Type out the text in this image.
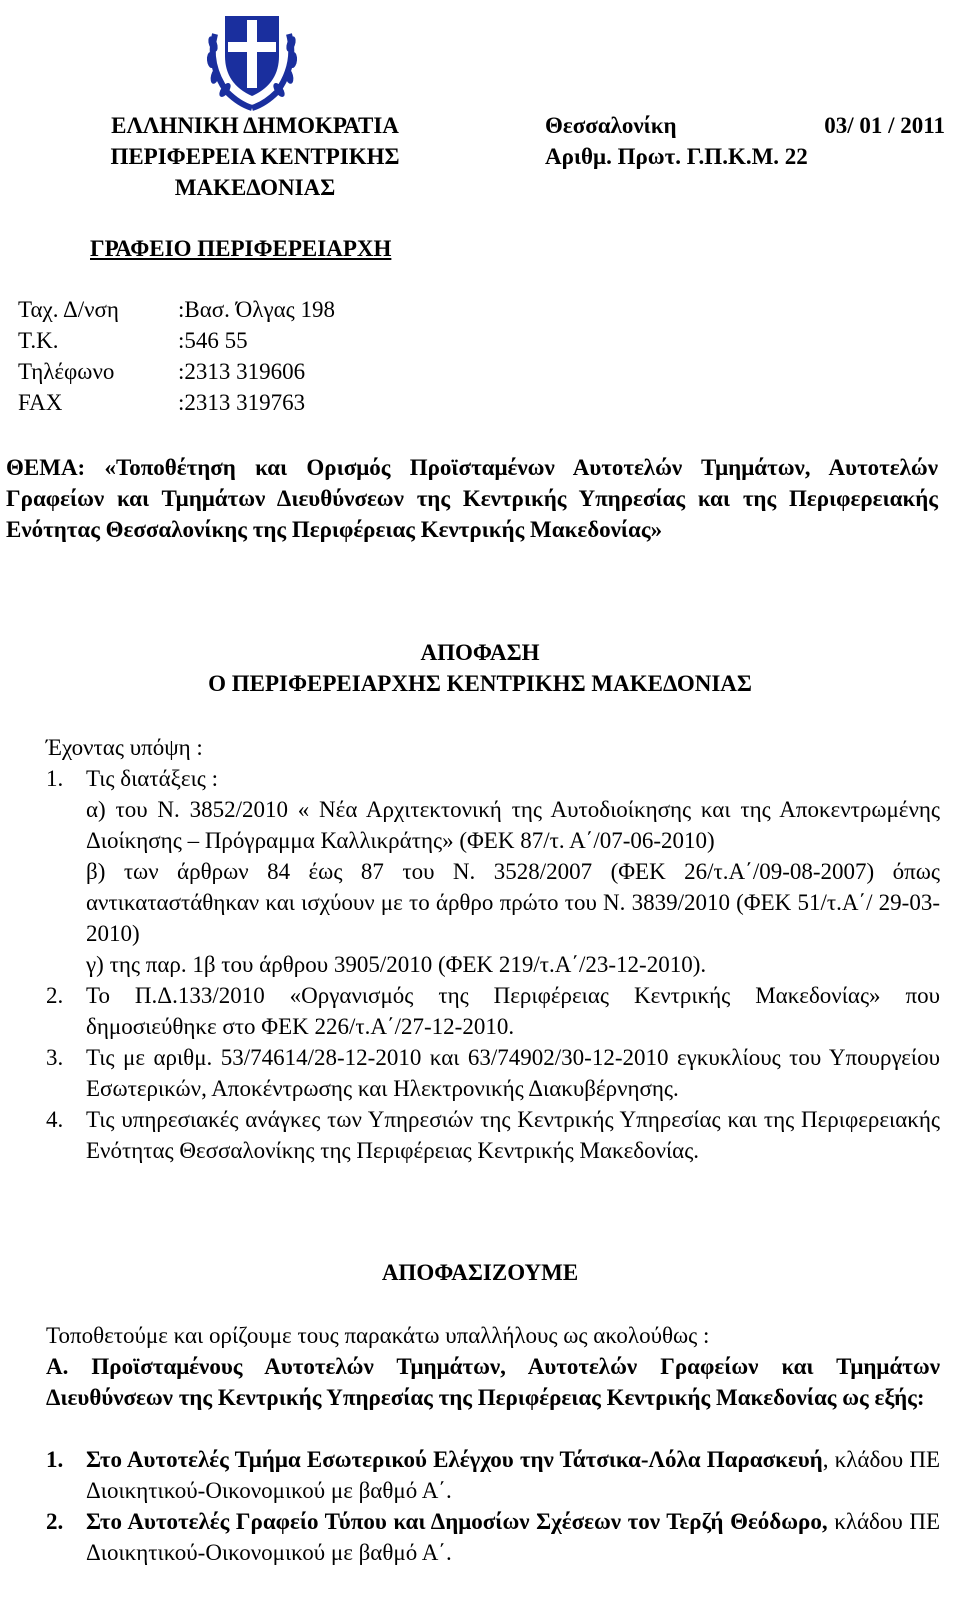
ΕΛΛΗΝΙΚΗ ΔΗΜΟΚΡΑΤΙΑ
ΠΕΡΙΦΕΡΕΙΑ ΚΕΝΤΡΙΚΗΣ
ΜΑΚΕΔΟΝΙΑΣ
Θεσσαλονίκη	03/ 01 / 2011
Αριθμ. Πρωτ. Γ.Π.Κ.Μ. 22
ΓΡΑΦΕΙΟ ΠΕΡΙΦΕΡΕΙΑΡΧΗ
Ταχ. Δ/νση	:Βασ. Όλγας 198
Τ.Κ.	:546 55
Τηλέφωνο	:2313 319606
FAX	:2313 319763
ΘΕΜΑ: «Τοποθέτηση και Ορισμός Προϊσταμένων Αυτοτελών Τμημάτων, Αυτοτελών Γραφείων και Τμημάτων Διευθύνσεων της Κεντρικής Υπηρεσίας και της Περιφερειακής Ενότητας Θεσσαλονίκης της Περιφέρειας Κεντρικής Μακεδονίας»
ΑΠΟΦΑΣΗ
Ο ΠΕΡΙΦΕΡΕΙΑΡΧΗΣ ΚΕΝΤΡΙΚΗΣ ΜΑΚΕΔΟΝΙΑΣ
Έχοντας υπόψη :
1. Τις διατάξεις :
α) του Ν. 3852/2010 « Νέα Αρχιτεκτονική της Αυτοδιοίκησης και της Αποκεντρωμένης Διοίκησης – Πρόγραμμα Καλλικράτης» (ΦΕΚ 87/τ. Α΄/07-06-2010)
β) των άρθρων 84 έως 87 του Ν. 3528/2007 (ΦΕΚ 26/τ.Α΄/09-08-2007) όπως αντικαταστάθηκαν και ισχύουν με το άρθρο πρώτο του Ν. 3839/2010 (ΦΕΚ 51/τ.Α΄/ 29-03-2010)
γ) της παρ. 1β του άρθρου 3905/2010 (ΦΕΚ 219/τ.Α΄/23-12-2010).
2. Το Π.Δ.133/2010 «Οργανισμός της Περιφέρειας Κεντρικής Μακεδονίας» που δημοσιεύθηκε στο ΦΕΚ 226/τ.Α΄/27-12-2010.
3. Τις με αριθμ. 53/74614/28-12-2010 και 63/74902/30-12-2010 εγκυκλίους του Υπουργείου Εσωτερικών, Αποκέντρωσης και Ηλεκτρονικής Διακυβέρνησης.
4. Τις υπηρεσιακές ανάγκες των Υπηρεσιών της Κεντρικής Υπηρεσίας και της Περιφερειακής Ενότητας Θεσσαλονίκης της Περιφέρειας Κεντρικής Μακεδονίας.
ΑΠΟΦΑΣΙΖΟΥΜΕ
Τοποθετούμε και ορίζουμε τους παρακάτω υπαλλήλους ως ακολούθως :
Α. Προϊσταμένους Αυτοτελών Τμημάτων, Αυτοτελών Γραφείων και Τμημάτων Διευθύνσεων της Κεντρικής Υπηρεσίας της Περιφέρειας Κεντρικής Μακεδονίας ως εξής:
1. Στο Αυτοτελές Τμήμα Εσωτερικού Ελέγχου την Τάτσικα-Λόλα Παρασκευή, κλάδου ΠΕ Διοικητικού-Οικονομικού με βαθμό Α΄.
2. Στο Αυτοτελές Γραφείο Τύπου και Δημοσίων Σχέσεων τον Τερζή Θεόδωρο, κλάδου ΠΕ Διοικητικού-Οικονομικού με βαθμό Α΄.
